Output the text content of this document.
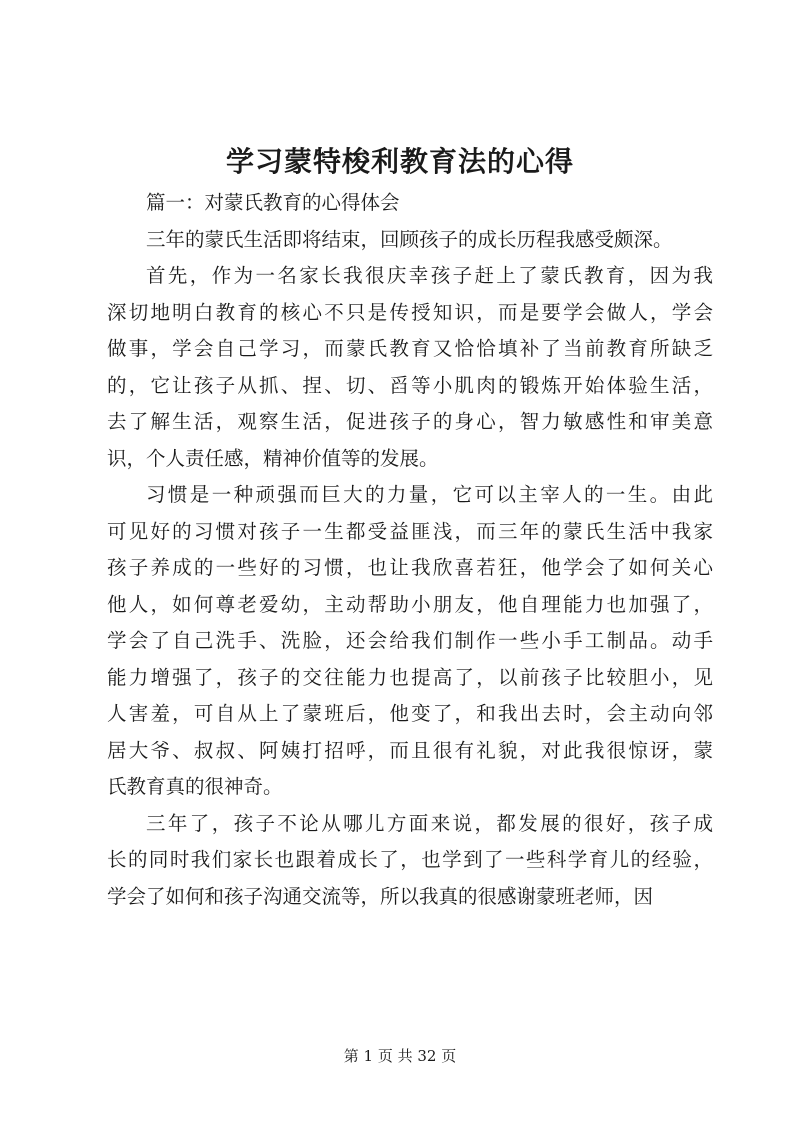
学习蒙特梭利教育法的心得
篇一：对蒙氏教育的心得体会
三年的蒙氏生活即将结束，回顾孩子的成长历程我感受颇深。
首先，作为一名家长我很庆幸孩子赶上了蒙氏教育，因为我
深切地明白教育的核心不只是传授知识，而是要学会做人，学会
做事，学会自己学习，而蒙氏教育又恰恰填补了当前教育所缺乏
的，它让孩子从抓、捏、切、舀等小肌肉的锻炼开始体验生活，
去了解生活，观察生活，促进孩子的身心，智力敏感性和审美意
识，个人责任感，精神价值等的发展。
习惯是一种顽强而巨大的力量，它可以主宰人的一生。由此
可见好的习惯对孩子一生都受益匪浅，而三年的蒙氏生活中我家
孩子养成的一些好的习惯，也让我欣喜若狂，他学会了如何关心
他人，如何尊老爱幼，主动帮助小朋友，他自理能力也加强了，
学会了自己洗手、洗脸，还会给我们制作一些小手工制品。动手
能力增强了，孩子的交往能力也提高了，以前孩子比较胆小，见
人害羞，可自从上了蒙班后，他变了，和我出去时，会主动向邻
居大爷、叔叔、阿姨打招呼，而且很有礼貌，对此我很惊讶，蒙
氏教育真的很神奇。
三年了，孩子不论从哪儿方面来说，都发展的很好，孩子成
长的同时我们家长也跟着成长了，也学到了一些科学育儿的经验，
学会了如何和孩子沟通交流等，所以我真的很感谢蒙班老师，因

第 1 页 共 32 页
